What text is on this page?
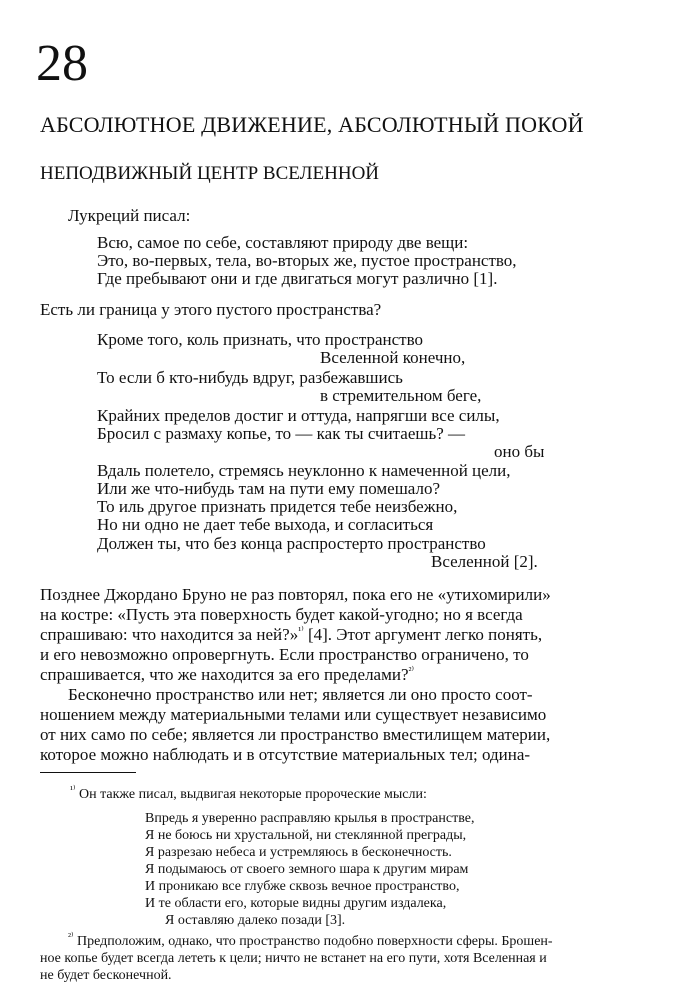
28
АБСОЛЮТНОЕ ДВИЖЕНИЕ, АБСОЛЮТНЫЙ ПОКОЙ
НЕПОДВИЖНЫЙ ЦЕНТР ВСЕЛЕННОЙ
Лукреций писал:
Всю, самое по себе, составляют природу две вещи:
Это, во-первых, тела, во-вторых же, пустое пространство,
Где пребывают они и где двигаться могут различно [1].
Есть ли граница у этого пустого пространства?
Кроме того, коль признать, что пространство
Вселенной конечно,
То если б кто-нибудь вдруг, разбежавшись
в стремительном беге,
Крайних пределов достиг и оттуда, напрягши все силы,
Бросил с размаху копье, то — как ты считаешь? —
оно бы
Вдаль полетело, стремясь неуклонно к намеченной цели,
Или же что-нибудь там на пути ему помешало?
То иль другое признать придется тебе неизбежно,
Но ни одно не дает тебе выхода, и согласиться
Должен ты, что без конца распростерто пространство
Вселенной [2].
Позднее Джордано Бруно не раз повторял, пока его не «утихомирили»
на костре: «Пусть эта поверхность будет какой-угодно; но я всегда
спрашиваю: что находится за ней?»$^{^{1)}}$ [4]. Этот аргумент легко понять,
и его невозможно опровергнуть. Если пространство ограничено, то
спрашивается, что же находится за его пределами?$^{^{2)}}$
Бесконечно пространство или нет; является ли оно просто соот-
ношением между материальными телами или существует независимо
от них само по себе; является ли пространство вместилищем материи,
которое можно наблюдать и в отсутствие материальных тел; одина-
$^{^{1)}}$ Он также писал, выдвигая некоторые пророческие мысли:
Впредь я уверенно расправляю крылья в пространстве,
Я не боюсь ни хрустальной, ни стеклянной преграды,
Я разрезаю небеса и устремляюсь в бесконечность.
Я подымаюсь от своего земного шара к другим мирам
И проникаю все глубже сквозь вечное пространство,
И те области его, которые видны другим издалека,
Я оставляю далеко позади [3].
$^{^{2)}}$ Предположим, однако, что пространство подобно поверхности сферы. Брошен-
ное копье будет всегда лететь к цели; ничто не встанет на его пути, хотя Вселенная и
не будет бесконечной.
